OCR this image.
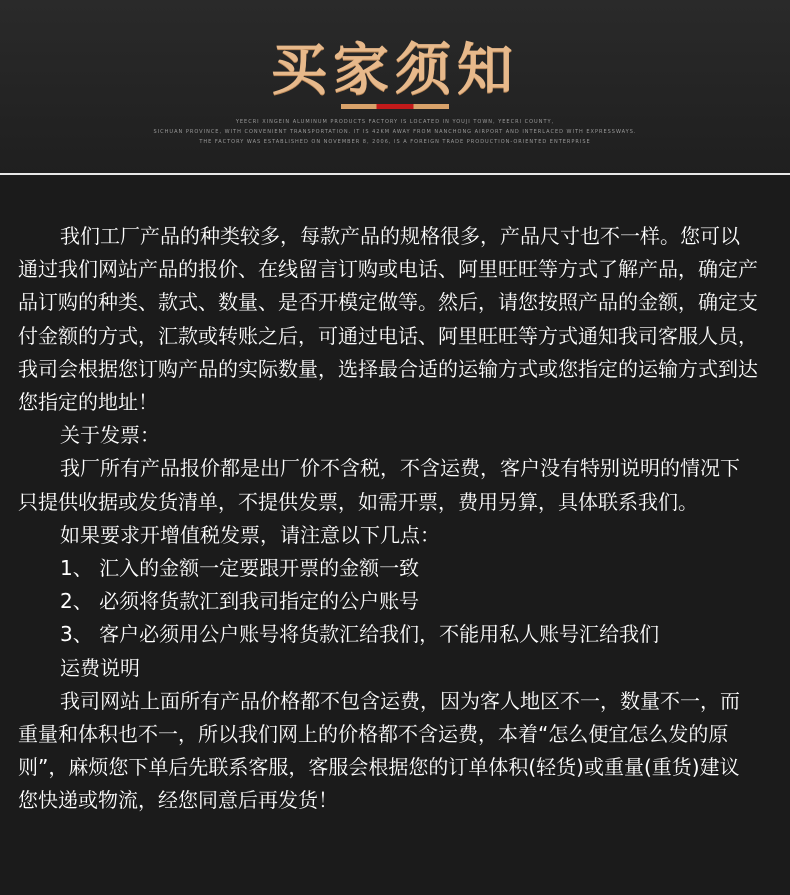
买家须知
YEECRI XINGEIN ALUMINUM PRODUCTS FACTORY IS LOCATED IN YOUJI TOWN, YEECRI COUNTY,
SICHUAN PROVINCE, WITH CONVENIENT TRANSPORTATION. IT IS 42KM AWAY FROM NANCHONG AIRPORT AND INTERLACED WITH EXPRESSWAYS.
THE FACTORY WAS ESTABLISHED ON NOVEMBER 8, 2006, IS A FOREIGN TRADE PRODUCTION-ORIENTED ENTERPRISE

我们工厂产品的种类较多，每款产品的规格很多，产品尺寸也不一样。您可以通过我们网站产品的报价、在线留言订购或电话、阿里旺旺等方式了解产品，确定产品订购的种类、款式、数量、是否开模定做等。然后，请您按照产品的金额，确定支付金额的方式，汇款或转账之后，可通过电话、阿里旺旺等方式通知我司客服人员，我司会根据您订购产品的实际数量，选择最合适的运输方式或您指定的运输方式到达您指定的地址！

关于发票：

我厂所有产品报价都是出厂价不含税，不含运费，客户没有特别说明的情况下只提供收据或发货清单，不提供发票，如需开票，费用另算，具体联系我们。

如果要求开增值税发票，请注意以下几点：

1、 汇入的金额一定要跟开票的金额一致

2、 必须将货款汇到我司指定的公户账号

3、 客户必须用公户账号将货款汇给我们，不能用私人账号汇给我们

运费说明

我司网站上面所有产品价格都不包含运费，因为客人地区不一，数量不一，而重量和体积也不一，所以我们网上的价格都不含运费，本着“怎么便宜怎么发的原则”，麻烦您下单后先联系客服，客服会根据您的订单体积(轻货)或重量(重货)建议您快递或物流，经您同意后再发货！
